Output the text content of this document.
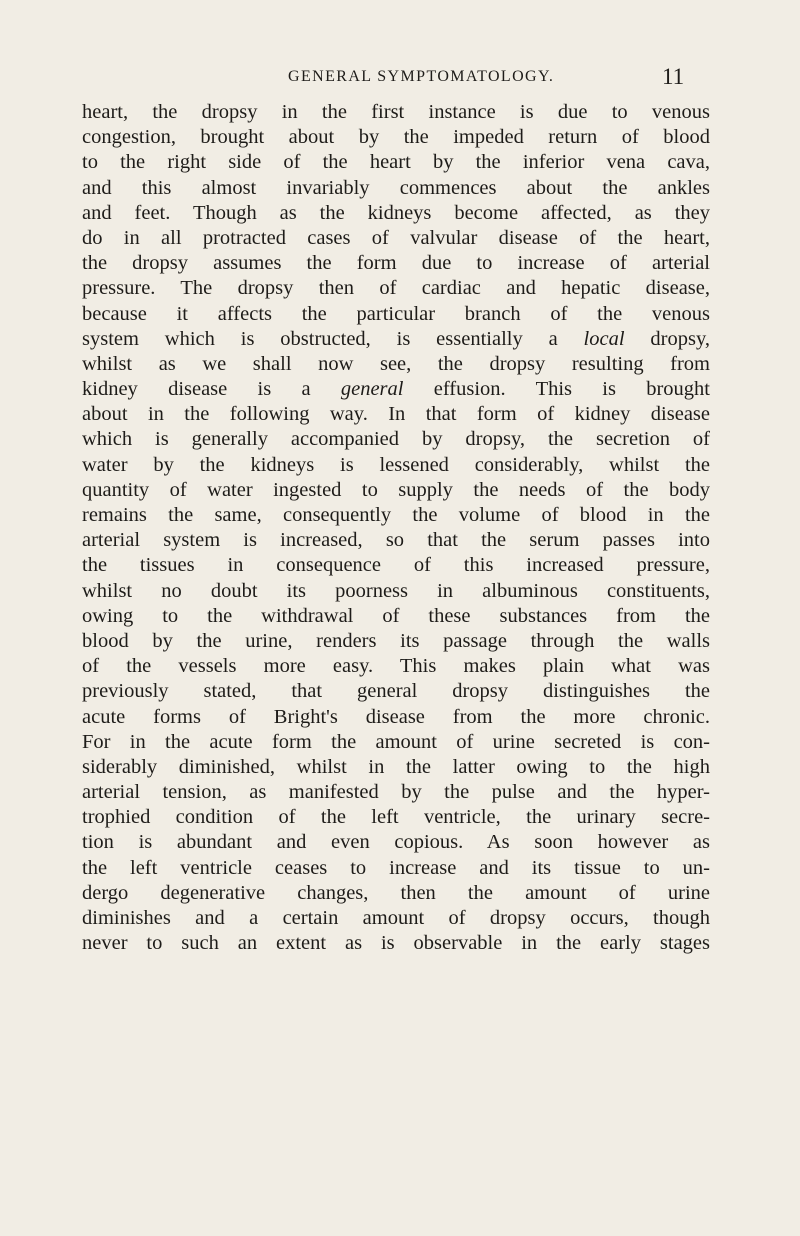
GENERAL SYMPTOMATOLOGY.	11
heart, the dropsy in the first instance is due to venous
congestion, brought about by the impeded return of blood
to the right side of the heart by the inferior vena cava,
and this almost invariably commences about the ankles
and feet. Though as the kidneys become affected, as they
do in all protracted cases of valvular disease of the heart,
the dropsy assumes the form due to increase of arterial
pressure. The dropsy then of cardiac and hepatic disease,
because it affects the particular branch of the venous
system which is obstructed, is essentially a local dropsy,
whilst as we shall now see, the dropsy resulting from
kidney disease is a general effusion. This is brought
about in the following way. In that form of kidney disease
which is generally accompanied by dropsy, the secretion of
water by the kidneys is lessened considerably, whilst the
quantity of water ingested to supply the needs of the body
remains the same, consequently the volume of blood in the
arterial system is increased, so that the serum passes into
the tissues in consequence of this increased pressure,
whilst no doubt its poorness in albuminous constituents,
owing to the withdrawal of these substances from the
blood by the urine, renders its passage through the walls
of the vessels more easy. This makes plain what was
previously stated, that general dropsy distinguishes the
acute forms of Bright's disease from the more chronic.
For in the acute form the amount of urine secreted is con-
siderably diminished, whilst in the latter owing to the high
arterial tension, as manifested by the pulse and the hyper-
trophied condition of the left ventricle, the urinary secre-
tion is abundant and even copious. As soon however as
the left ventricle ceases to increase and its tissue to un-
dergo degenerative changes, then the amount of urine
diminishes and a certain amount of dropsy occurs, though
never to such an extent as is observable in the early stages
